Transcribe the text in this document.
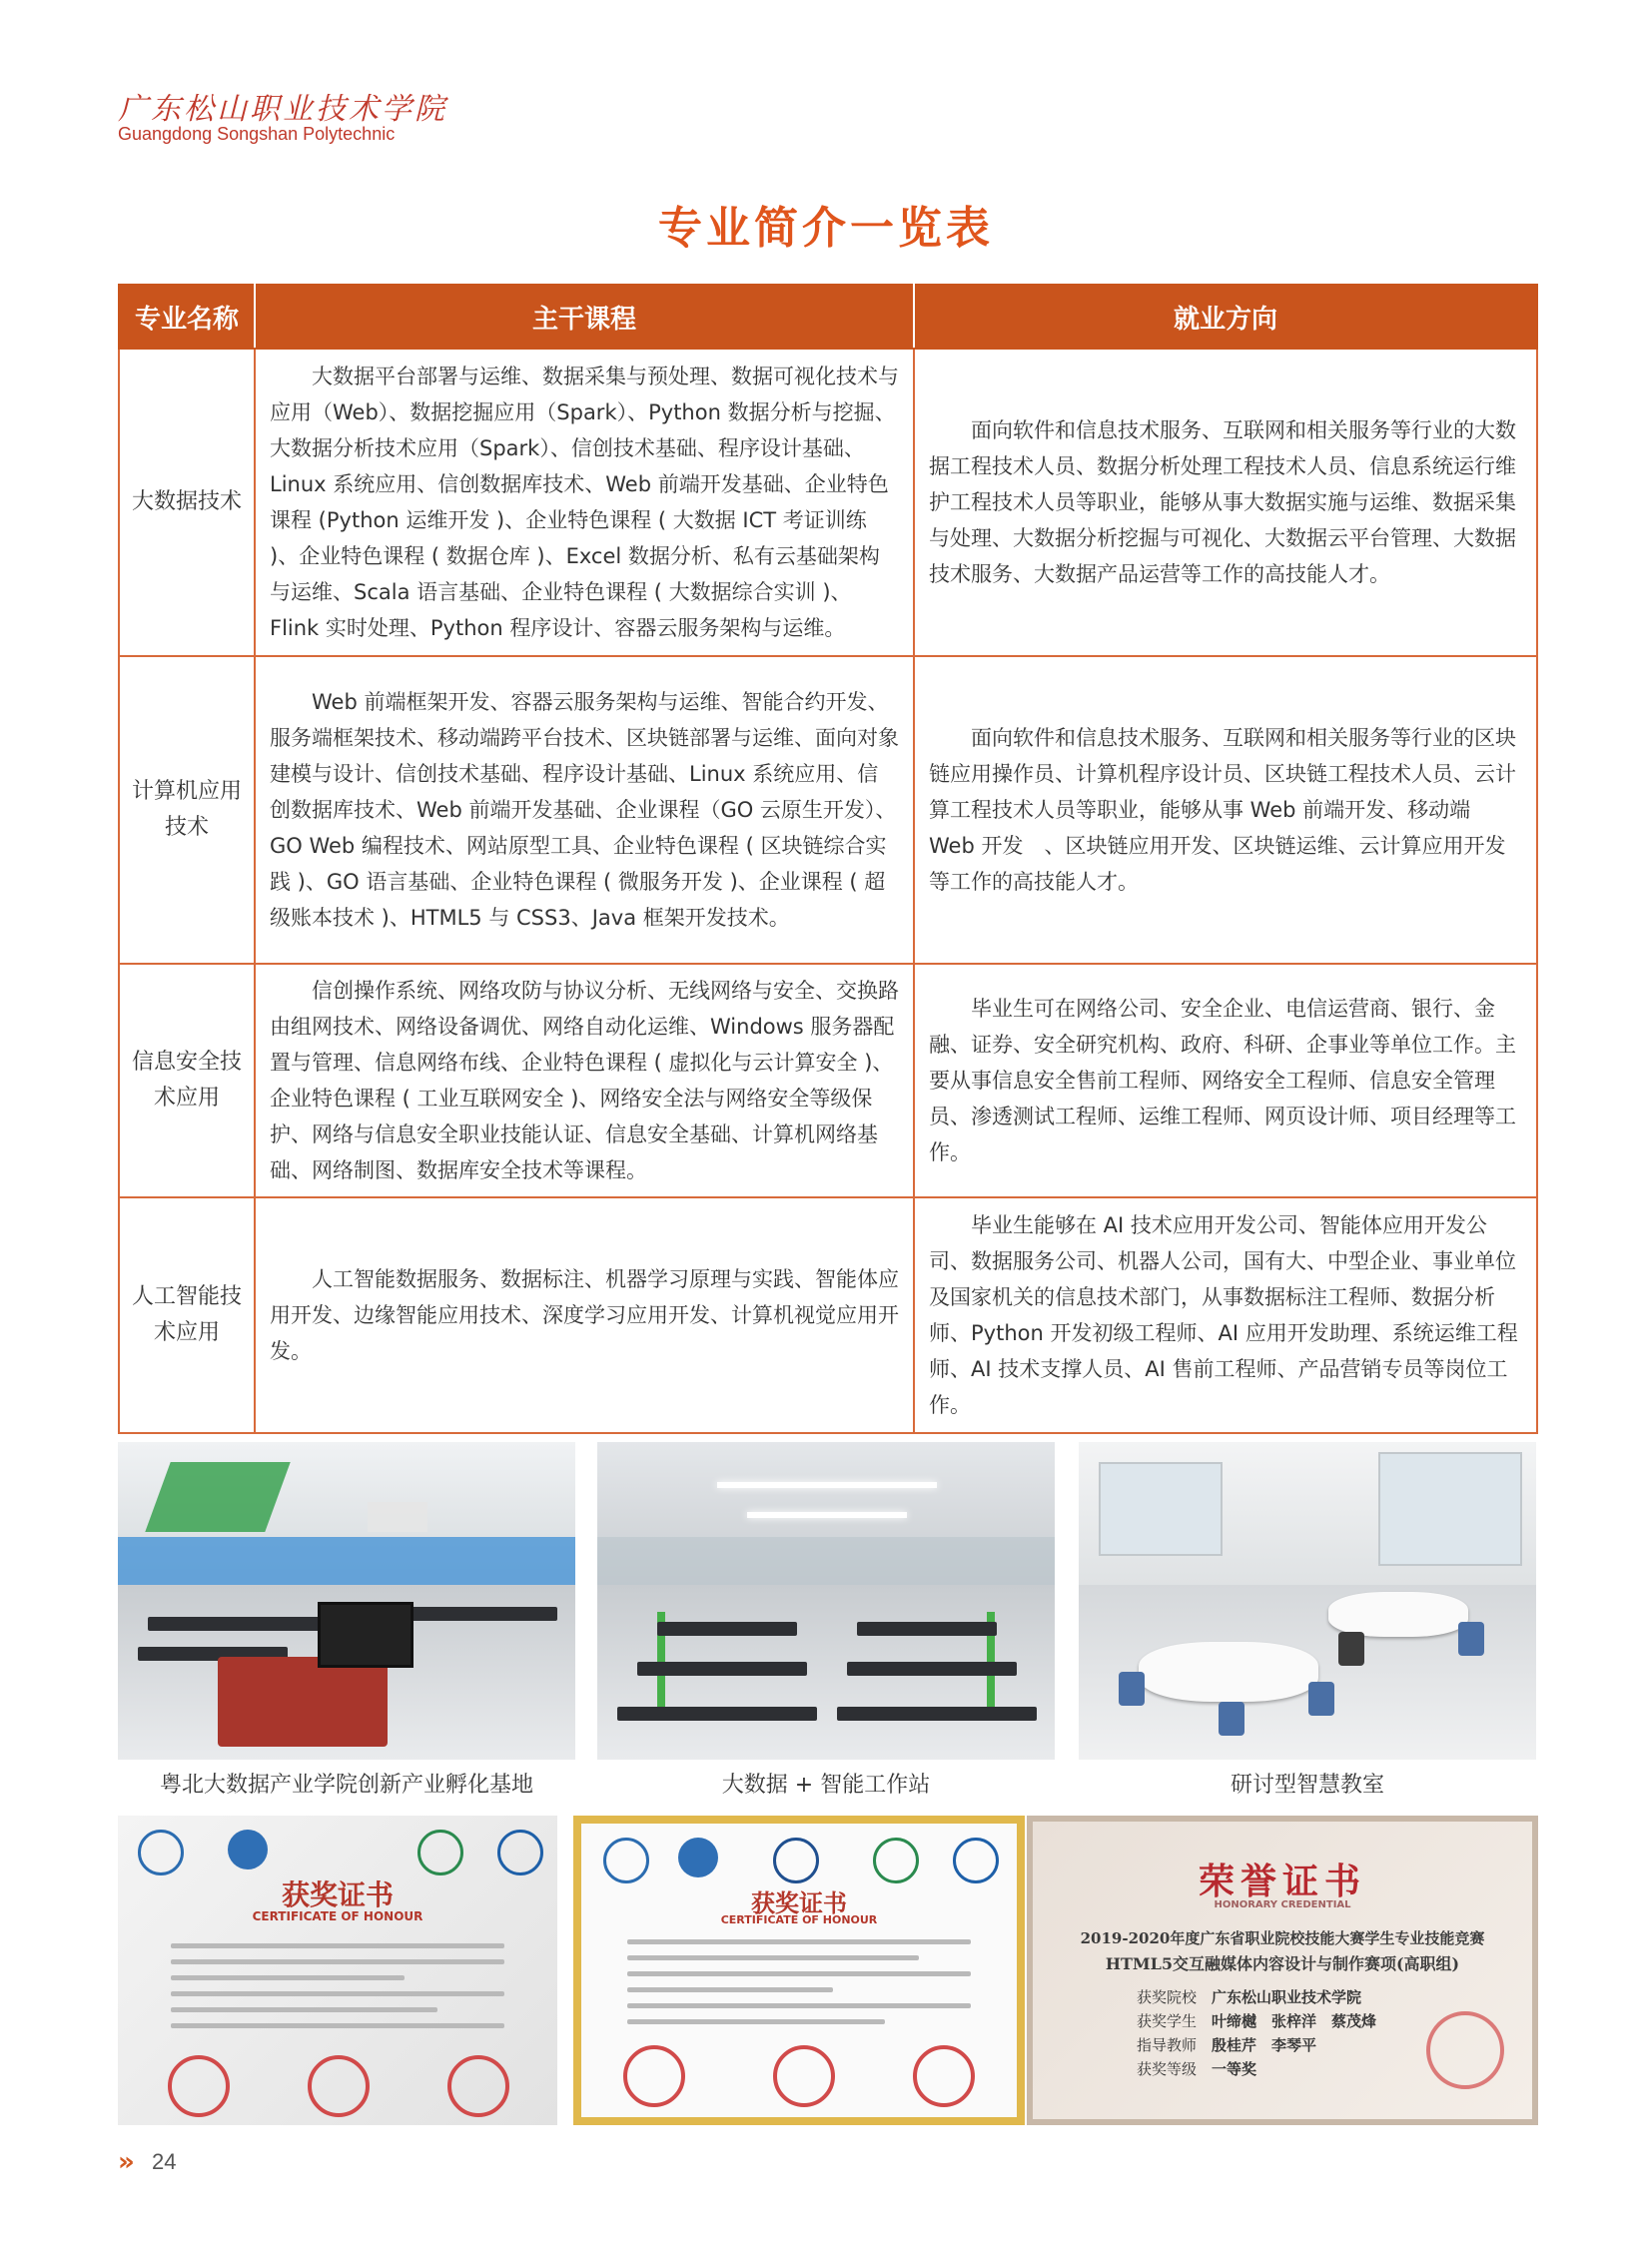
广东松山职业技术学院
Guangdong Songshan Polytechnic
专业简介一览表
专业名称	主干课程	就业方向
大数据技术	大数据平台部署与运维、数据采集与预处理、数据可视化技术与应用（Web）、数据挖掘应用（Spark）、Python 数据分析与挖掘、大数据分析技术应用（Spark）、信创技术基础、程序设计基础、Linux 系统应用、信创数据库技术、Web 前端开发基础、企业特色课程 (Python 运维开发 )、企业特色课程 ( 大数据 ICT 考证训练 )、企业特色课程 ( 数据仓库 )、Excel 数据分析、私有云基础架构与运维、Scala 语言基础、企业特色课程 ( 大数据综合实训 )、Flink 实时处理、Python 程序设计、容器云服务架构与运维。	面向软件和信息技术服务、互联网和相关服务等行业的大数据工程技术人员、数据分析处理工程技术人员、信息系统运行维护工程技术人员等职业，能够从事大数据实施与运维、数据采集与处理、大数据分析挖掘与可视化、大数据云平台管理、大数据技术服务、大数据产品运营等工作的高技能人才。
计算机应用技术	Web 前端框架开发、容器云服务架构与运维、智能合约开发、服务端框架技术、移动端跨平台技术、区块链部署与运维、面向对象建模与设计、信创技术基础、程序设计基础、Linux 系统应用、信创数据库技术、Web 前端开发基础、企业课程（GO 云原生开发）、GO Web 编程技术、网站原型工具、企业特色课程 ( 区块链综合实践 )、GO 语言基础、企业特色课程 ( 微服务开发 )、企业课程 ( 超级账本技术 )、HTML5 与 CSS3、Java 框架开发技术。	面向软件和信息技术服务、互联网和相关服务等行业的区块链应用操作员、计算机程序设计员、区块链工程技术人员、云计算工程技术人员等职业，能够从事 Web 前端开发、移动端 Web 开发　、区块链应用开发、区块链运维、云计算应用开发等工作的高技能人才。
信息安全技术应用	信创操作系统、网络攻防与协议分析、无线网络与安全、交换路由组网技术、网络设备调优、网络自动化运维、Windows 服务器配置与管理、信息网络布线、企业特色课程 ( 虚拟化与云计算安全 )、企业特色课程 ( 工业互联网安全 )、网络安全法与网络安全等级保护、网络与信息安全职业技能认证、信息安全基础、计算机网络基础、网络制图、数据库安全技术等课程。	毕业生可在网络公司、安全企业、电信运营商、银行、金融、证券、安全研究机构、政府、科研、企事业等单位工作。主要从事信息安全售前工程师、网络安全工程师、信息安全管理员、渗透测试工程师、运维工程师、网页设计师、项目经理等工作。
人工智能技术应用	人工智能数据服务、数据标注、机器学习原理与实践、智能体应用开发、边缘智能应用技术、深度学习应用开发、计算机视觉应用开发。	毕业生能够在 AI 技术应用开发公司、智能体应用开发公司、数据服务公司、机器人公司，国有大、中型企业、事业单位及国家机关的信息技术部门，从事数据标注工程师、数据分析师、Python 开发初级工程师、AI 应用开发助理、系统运维工程师、AI 技术支撑人员、AI 售前工程师、产品营销专员等岗位工作。
粤北大数据产业学院创新产业孵化基地	大数据 + 智能工作站	研讨型智慧教室
获奖证书
CERTIFICATE OF HONOUR	获奖证书
CERTIFICATE OF HONOUR
荣誉证书
HONORARY CREDENTIAL
2019-2020年度广东省职业院校技能大赛学生专业技能竞赛
HTML5交互融媒体内容设计与制作赛项(高职组)
获奖院校　 广东松山职业技术学院
获奖学生　 叶缔樾　张梓洋　蔡茂烽
指导教师　 殷桂芹　李琴平
获奖等级　 一等奖
» 24
